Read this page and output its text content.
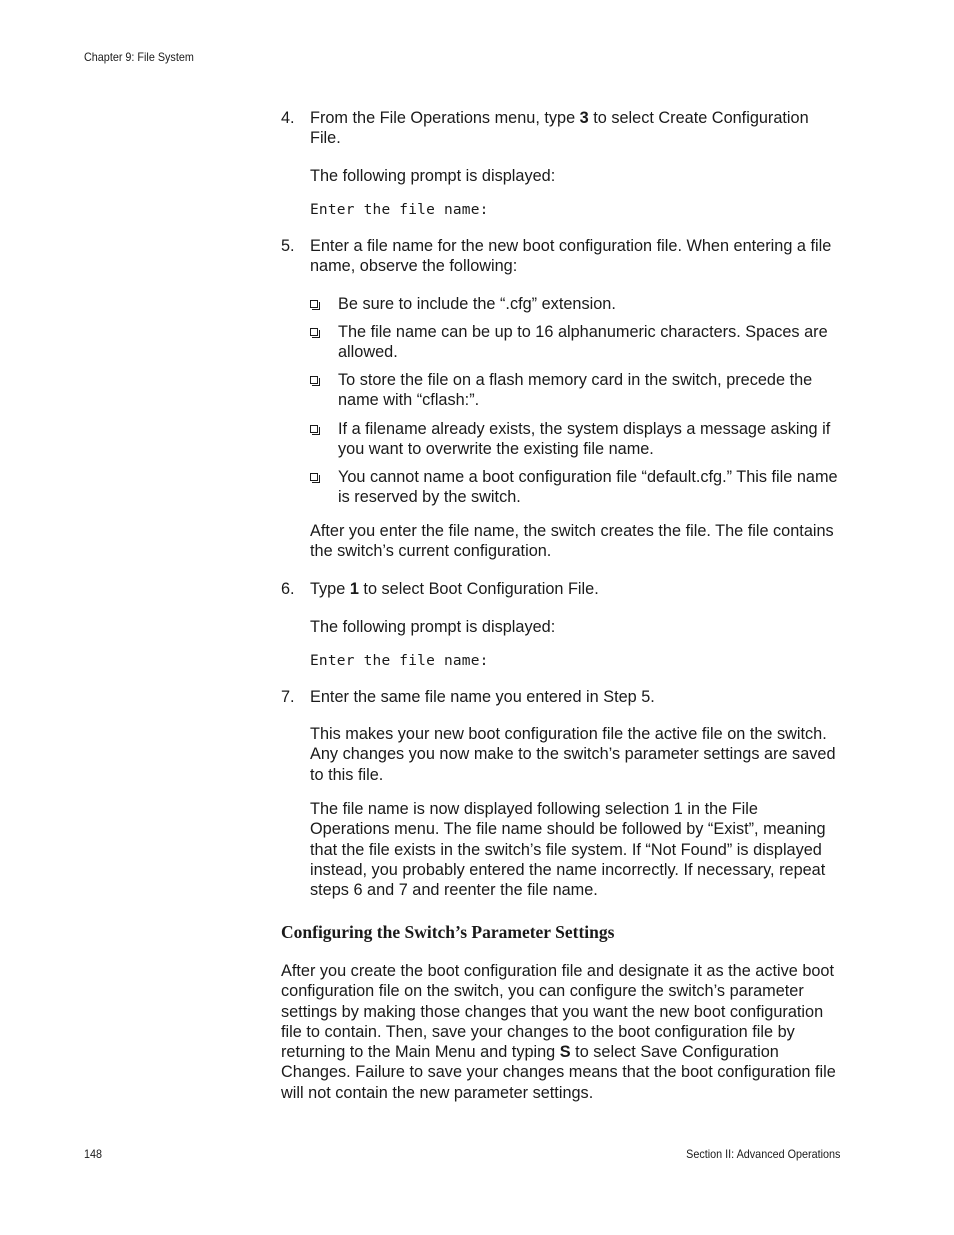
Chapter 9: File System
4. From the File Operations menu, type 3 to select Create Configuration File.
The following prompt is displayed:
Enter the file name:
5. Enter a file name for the new boot configuration file. When entering a file name, observe the following:
Be sure to include the “.cfg” extension.
The file name can be up to 16 alphanumeric characters. Spaces are allowed.
To store the file on a flash memory card in the switch, precede the name with “cflash:”.
If a filename already exists, the system displays a message asking if you want to overwrite the existing file name.
You cannot name a boot configuration file “default.cfg.” This file name is reserved by the switch.
After you enter the file name, the switch creates the file. The file contains the switch’s current configuration.
6. Type 1 to select Boot Configuration File.
The following prompt is displayed:
Enter the file name:
7. Enter the same file name you entered in Step 5.
This makes your new boot configuration file the active file on the switch. Any changes you now make to the switch’s parameter settings are saved to this file.
The file name is now displayed following selection 1 in the File Operations menu. The file name should be followed by “Exist”, meaning that the file exists in the switch’s file system. If “Not Found” is displayed instead, you probably entered the name incorrectly. If necessary, repeat steps 6 and 7 and reenter the file name.
Configuring the Switch’s Parameter Settings
After you create the boot configuration file and designate it as the active boot configuration file on the switch, you can configure the switch’s parameter settings by making those changes that you want the new boot configuration file to contain. Then, save your changes to the boot configuration file by returning to the Main Menu and typing S to select Save Configuration Changes. Failure to save your changes means that the boot configuration file will not contain the new parameter settings.
148	Section II: Advanced Operations
